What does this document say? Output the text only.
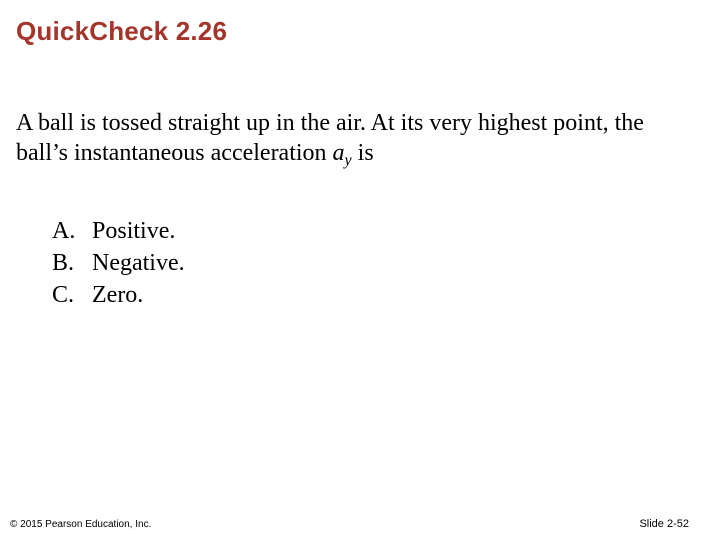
QuickCheck 2.26

A ball is tossed straight up in the air. At its very highest point, the ball’s instantaneous acceleration $a_y$ is

A. Positive.
B. Negative.
C. Zero.
© 2015 Pearson Education, Inc.	Slide 2-52
